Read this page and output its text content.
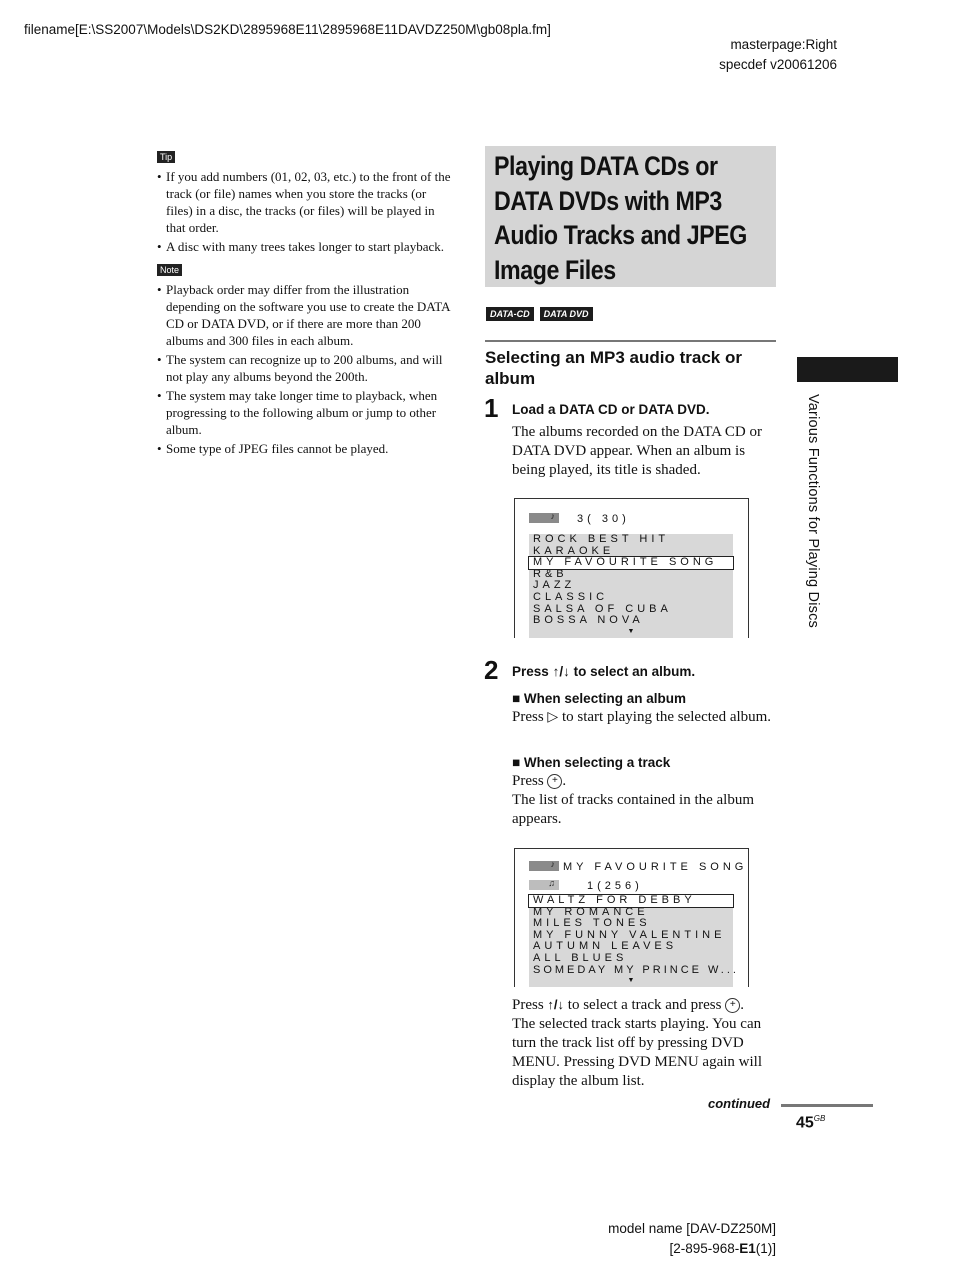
filename[E:\SS2007\Models\DS2KD\2895968E11\2895968E11DAVDZ250M\gb08pla.fm]
masterpage:Right
specdef v20061206
Tip
• If you add numbers (01, 02, 03, etc.) to the front of the track (or file) names when you store the tracks (or files) in a disc, the tracks (or files) will be played in that order.
• A disc with many trees takes longer to start playback.
Note
• Playback order may differ from the illustration depending on the software you use to create the DATA CD or DATA DVD, or if there are more than 200 albums and 300 files in each album.
• The system can recognize up to 200 albums, and will not play any albums beyond the 200th.
• The system may take longer time to playback, when progressing to the following album or jump to other album.
• Some type of JPEG files cannot be played.
Playing DATA CDs or DATA DVDs with MP3 Audio Tracks and JPEG Image Files
DATA-CD DATA DVD
Selecting an MP3 audio track or album
1 Load a DATA CD or DATA DVD.
The albums recorded on the DATA CD or DATA DVD appear. When an album is being played, its title is shaded.
♪ 3( 30)
ROCK BEST HIT
KARAOKE
MY FAVOURITE SONG
R&B
JAZZ
CLASSIC
SALSA OF CUBA
BOSSA NOVA
▼
2 Press ↑/↓ to select an album.
■ When selecting an album
Press ▷ to start playing the selected album.
■ When selecting a track
Press + .
The list of tracks contained in the album appears.
♪ MY FAVOURITE SONG
♫	1(256)
WALTZ FOR DEBBY
MY ROMANCE
MILES TONES
MY FUNNY VALENTINE
AUTUMN LEAVES
ALL BLUES
SOMEDAY MY PRINCE W...
▼
Press ↑/↓ to select a track and press + .
The selected track starts playing. You can turn the track list off by pressing DVD MENU. Pressing DVD MENU again will display the album list.
continued
$45^{GB}$
Various Functions for Playing Discs
model name [DAV-DZ250M]
[2-895-968-E1(1)]
